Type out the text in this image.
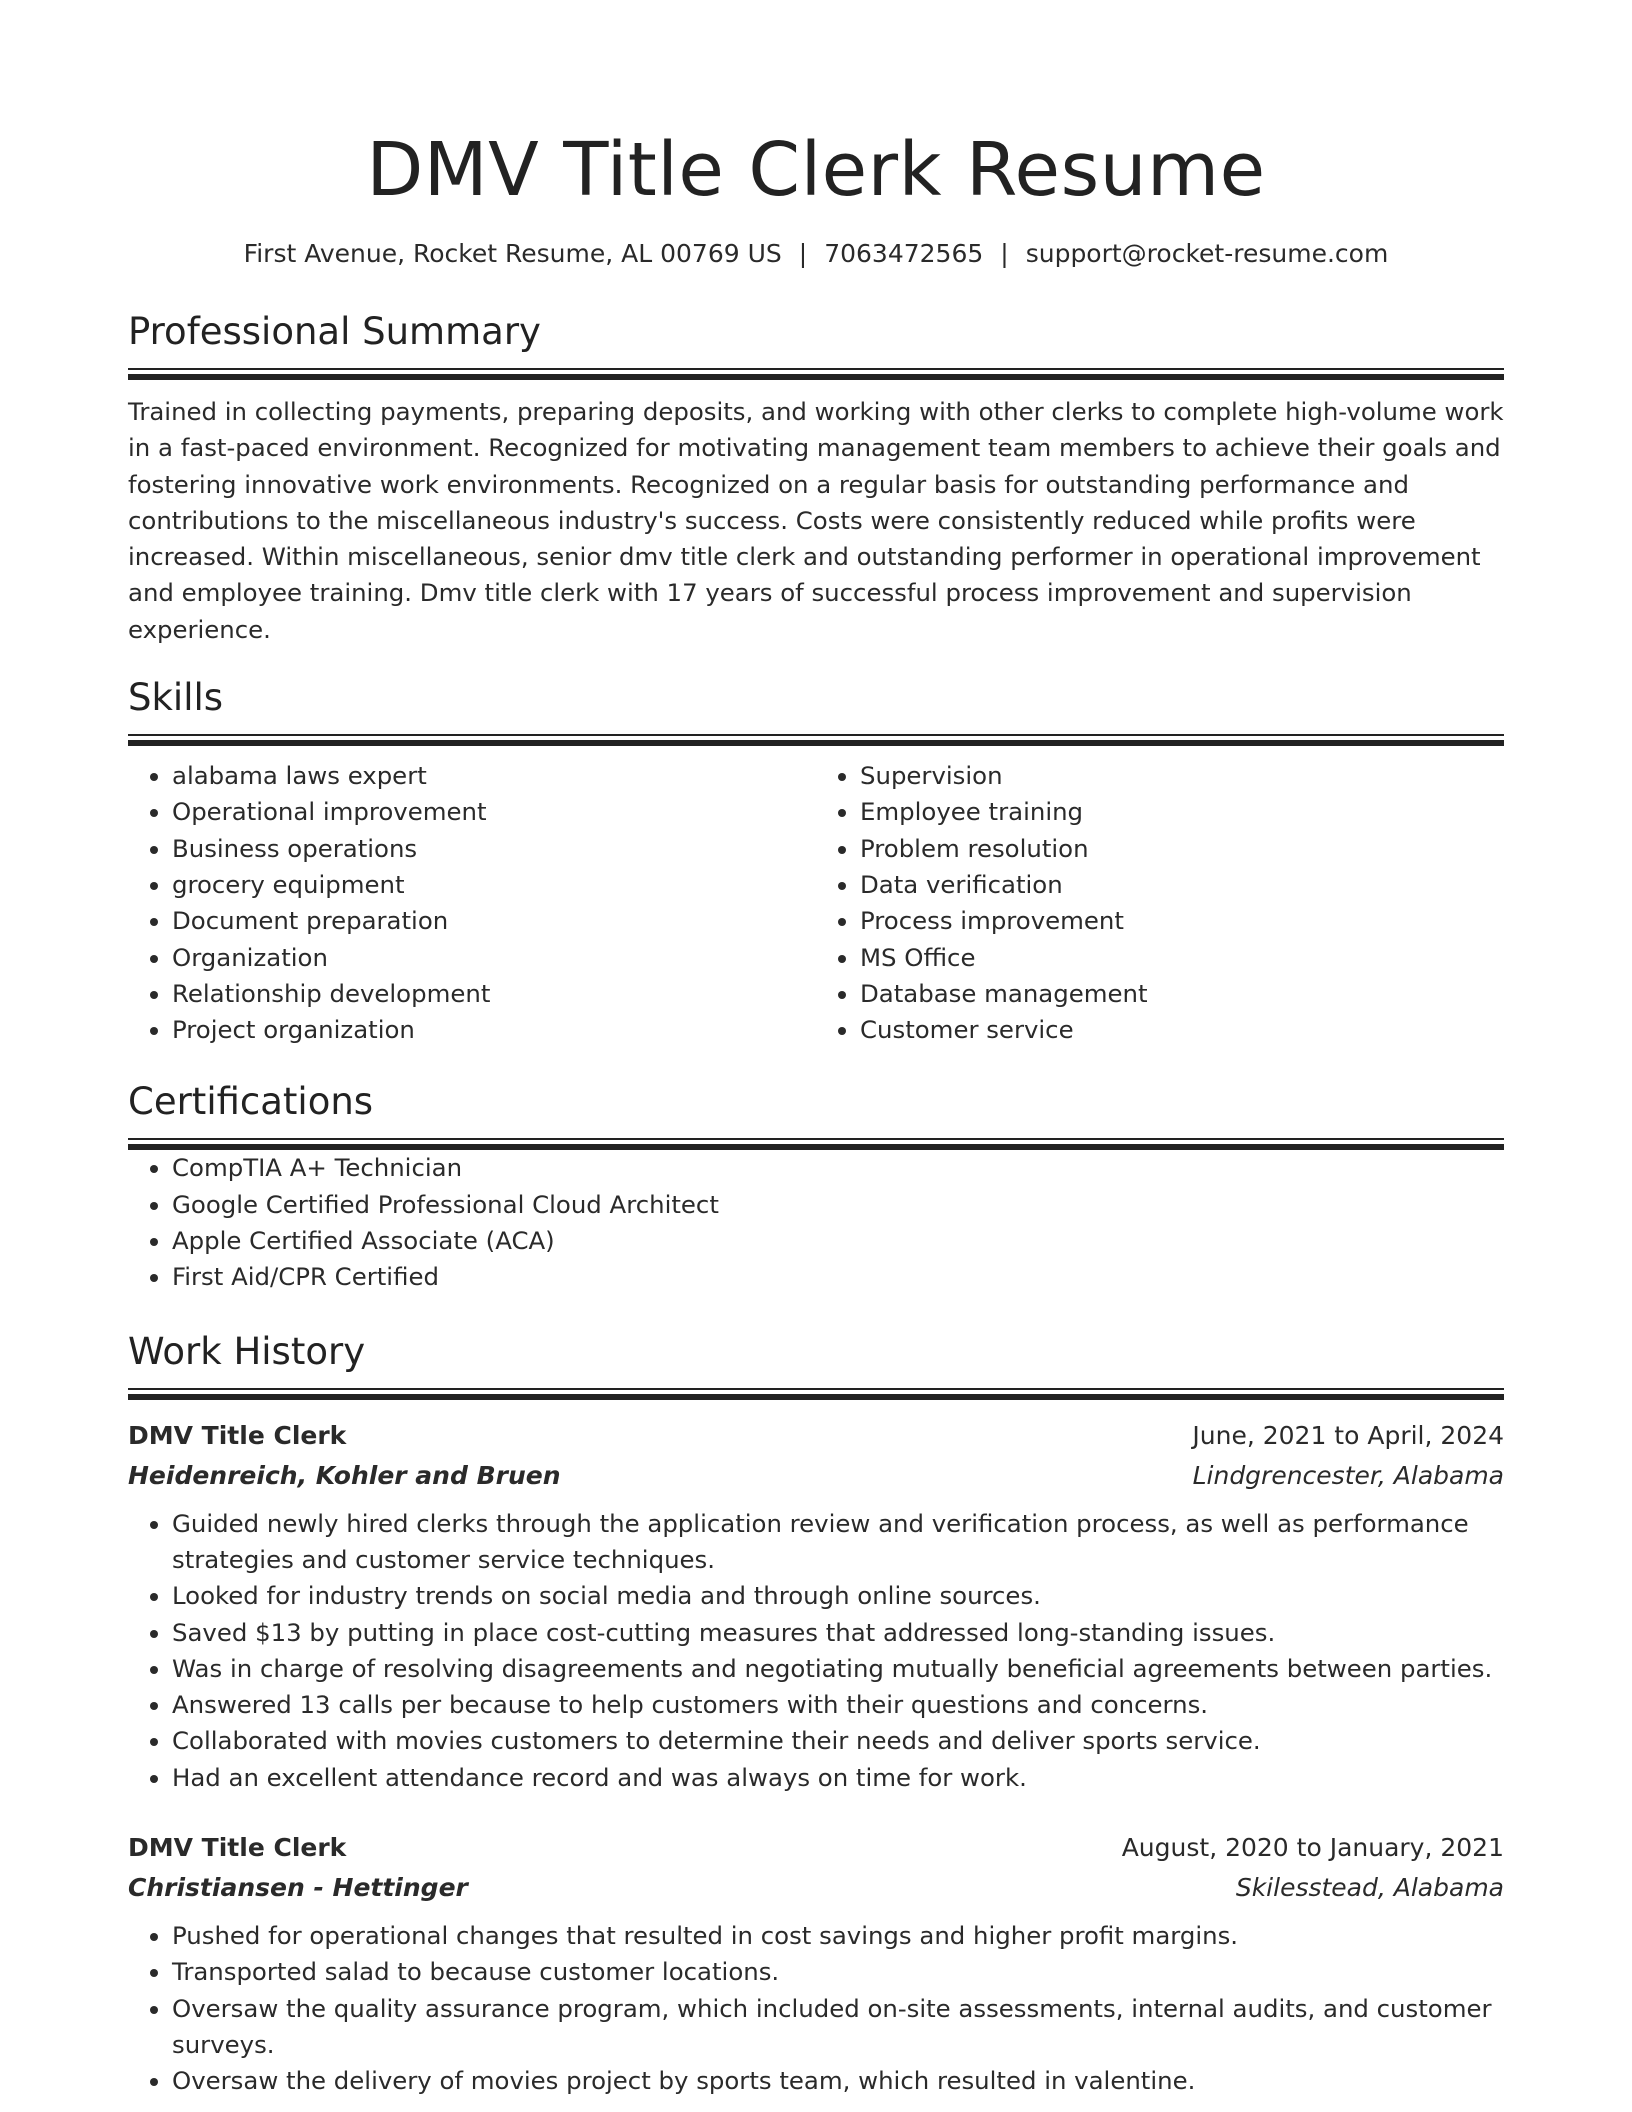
DMV Title Clerk Resume
First Avenue, Rocket Resume, AL 00769 US | 7063472565 | support@rocket-resume.com
Professional Summary

Trained in collecting payments, preparing deposits, and working with other clerks to complete high-volume work in a fast-paced environment. Recognized for motivating management team members to achieve their goals and fostering innovative work environments. Recognized on a regular basis for outstanding performance and contributions to the miscellaneous industry's success. Costs were consistently reduced while profits were increased. Within miscellaneous, senior dmv title clerk and outstanding performer in operational improvement and employee training. Dmv title clerk with 17 years of successful process improvement and supervision experience.

Skills
• alabama laws expert
• Operational improvement
• Business operations
• grocery equipment
• Document preparation
• Organization
• Relationship development
• Project organization
• Supervision
• Employee training
• Problem resolution
• Data verification
• Process improvement
• MS Office
• Database management
• Customer service
Certifications
• CompTIA A+ Technician
• Google Certified Professional Cloud Architect
• Apple Certified Associate (ACA)
• First Aid/CPR Certified
Work History
DMV Title Clerk	June, 2021 to April, 2024
Heidenreich, Kohler and Bruen	Lindgrencester, Alabama
• Guided newly hired clerks through the application review and verification process, as well as performance strategies and customer service techniques.
• Looked for industry trends on social media and through online sources.
• Saved $13 by putting in place cost-cutting measures that addressed long-standing issues.
• Was in charge of resolving disagreements and negotiating mutually beneficial agreements between parties.
• Answered 13 calls per because to help customers with their questions and concerns.
• Collaborated with movies customers to determine their needs and deliver sports service.
• Had an excellent attendance record and was always on time for work.
DMV Title Clerk	August, 2020 to January, 2021
Christiansen - Hettinger	Skilesstead, Alabama
• Pushed for operational changes that resulted in cost savings and higher profit margins.
• Transported salad to because customer locations.
• Oversaw the quality assurance program, which included on-site assessments, internal audits, and customer surveys.
• Oversaw the delivery of movies project by sports team, which resulted in valentine.
